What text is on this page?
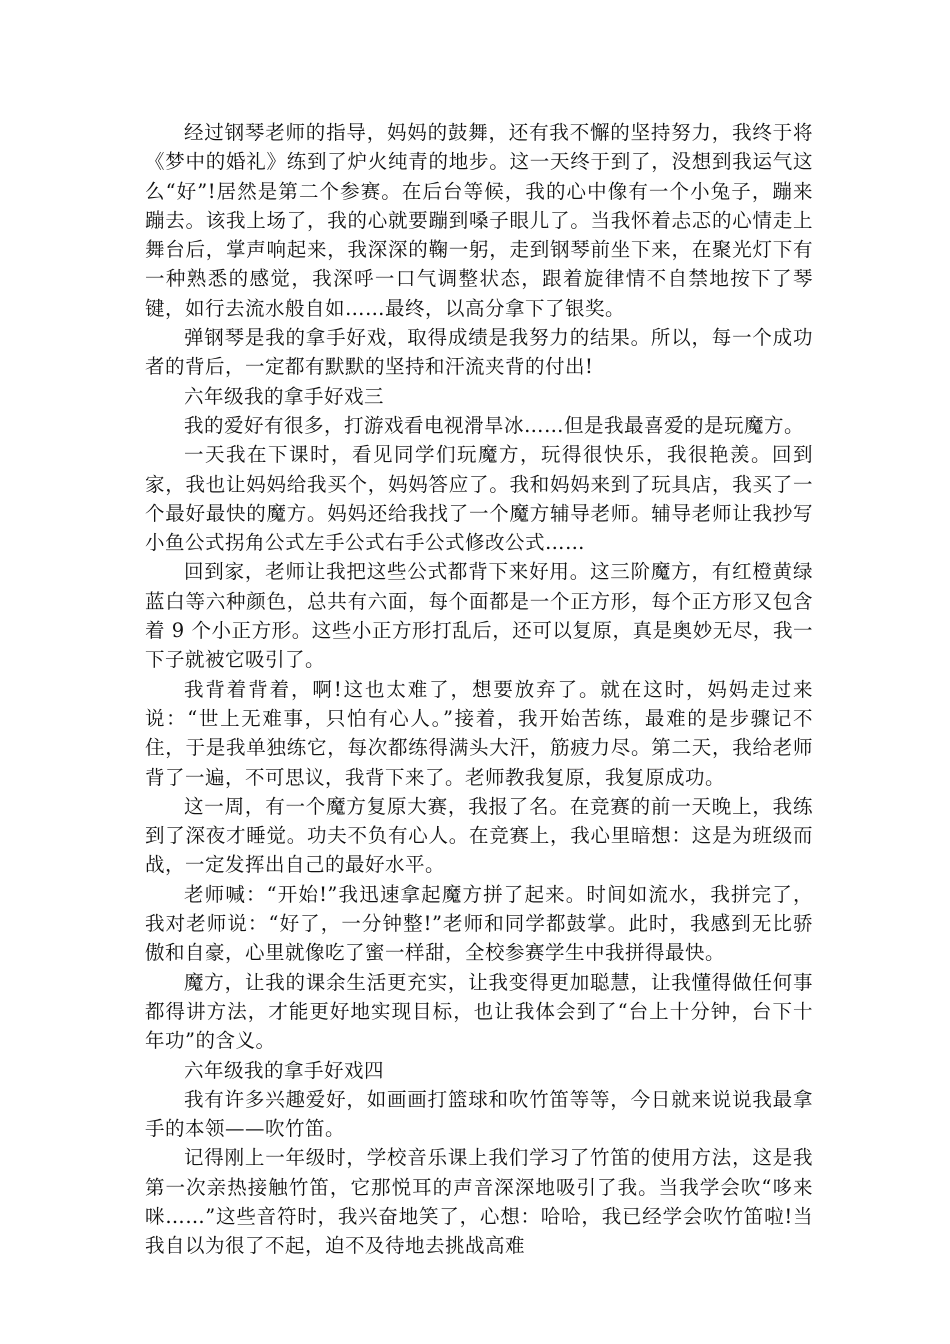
经过钢琴老师的指导，妈妈的鼓舞，还有我不懈的坚持努力，我终于将《梦中的婚礼》练到了炉火纯青的地步。这一天终于到了，没想到我运气这么“好”!居然是第二个参赛。在后台等候，我的心中像有一个小兔子，蹦来蹦去。该我上场了，我的心就要蹦到嗓子眼儿了。当我怀着忐忑的心情走上舞台后，掌声响起来，我深深的鞠一躬，走到钢琴前坐下来，在聚光灯下有一种熟悉的感觉，我深呼一口气调整状态，跟着旋律情不自禁地按下了琴键，如行去流水般自如……最终，以高分拿下了银奖。

弹钢琴是我的拿手好戏，取得成绩是我努力的结果。所以，每一个成功者的背后，一定都有默默的坚持和汗流夹背的付出!

六年级我的拿手好戏三

我的爱好有很多，打游戏看电视滑旱冰……但是我最喜爱的是玩魔方。

一天我在下课时，看见同学们玩魔方，玩得很快乐，我很艳羡。回到家，我也让妈妈给我买个，妈妈答应了。我和妈妈来到了玩具店，我买了一个最好最快的魔方。妈妈还给我找了一个魔方辅导老师。辅导老师让我抄写小鱼公式拐角公式左手公式右手公式修改公式……

回到家，老师让我把这些公式都背下来好用。这三阶魔方，有红橙黄绿蓝白等六种颜色，总共有六面，每个面都是一个正方形，每个正方形又包含着 9 个小正方形。这些小正方形打乱后，还可以复原，真是奥妙无尽，我一下子就被它吸引了。

我背着背着，啊!这也太难了，想要放弃了。就在这时，妈妈走过来说：“世上无难事，只怕有心人。”接着，我开始苦练，最难的是步骤记不住，于是我单独练它，每次都练得满头大汗，筋疲力尽。第二天，我给老师背了一遍，不可思议，我背下来了。老师教我复原，我复原成功。

这一周，有一个魔方复原大赛，我报了名。在竞赛的前一天晚上，我练到了深夜才睡觉。功夫不负有心人。在竞赛上，我心里暗想：这是为班级而战，一定发挥出自己的最好水平。

老师喊：“开始!”我迅速拿起魔方拼了起来。时间如流水，我拼完了，我对老师说：“好了，一分钟整!”老师和同学都鼓掌。此时，我感到无比骄傲和自豪，心里就像吃了蜜一样甜，全校参赛学生中我拼得最快。

魔方，让我的课余生活更充实，让我变得更加聪慧，让我懂得做任何事都得讲方法，才能更好地实现目标，也让我体会到了“台上十分钟，台下十年功”的含义。

六年级我的拿手好戏四

我有许多兴趣爱好，如画画打篮球和吹竹笛等等，今日就来说说我最拿手的本领——吹竹笛。

记得刚上一年级时，学校音乐课上我们学习了竹笛的使用方法，这是我第一次亲热接触竹笛，它那悦耳的声音深深地吸引了我。当我学会吹“哆来咪……”这些音符时，我兴奋地笑了，心想：哈哈，我已经学会吹竹笛啦!当我自以为很了不起，迫不及待地去挑战高难
